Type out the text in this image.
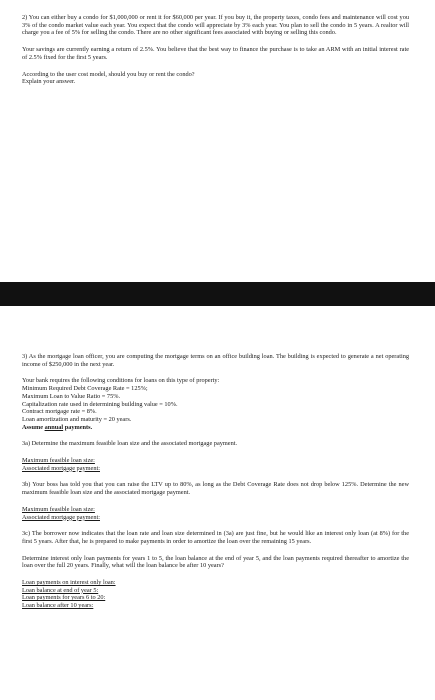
2) You can either buy a condo for $1,000,000 or rent it for $60,000 per year. If you buy it, the property taxes, condo fees and maintenance will cost you 3% of the condo market value each year. You expect that the condo will appreciate by 3% each year. You plan to sell the condo in 5 years. A realtor will charge you a fee of 5% for selling the condo. There are no other significant fees associated with buying or selling this condo.

Your savings are currently earning a return of 2.5%. You believe that the best way to finance the purchase is to take an ARM with an initial interest rate of 2.5% fixed for the first 5 years.

According to the user cost model, should you buy or rent the condo?

Explain your answer.

3) As the mortgage loan officer, you are computing the mortgage terms on an office building loan. The building is expected to generate a net operating income of $250,000 in the next year.

Your bank requires the following conditions for loans on this type of property:

Minimum Required Debt Coverage Rate = 125%;

Maximum Loan to Value Ratio = 75%.

Capitalization rate used in determining building value = 10%.

Contract mortgage rate = 8%.

Loan amortization and maturity = 20 years.

Assume annual payments.

3a) Determine the maximum feasible loan size and the associated mortgage payment.

Maximum feasible loan size:

Associated mortgage payment:

3b) Your boss has told you that you can raise the LTV up to 80%, as long as the Debt Coverage Rate does not drop below 125%. Determine the new maximum feasible loan size and the associated mortgage payment.

Maximum feasible loan size:

Associated mortgage payment:

3c) The borrower now indicates that the loan rate and loan size determined in (3a) are just fine, but he would like an interest only loan (at 8%) for the first 5 years. After that, he is prepared to make payments in order to amortize the loan over the remaining 15 years.

Determine interest only loan payments for years 1 to 5, the loan balance at the end of year 5, and the loan payments required thereafter to amortize the loan over the full 20 years. Finally, what will the loan balance be after 10 years?

Loan payments on interest only loan:

Loan balance at end of year 5:

Loan payments for years 6 to 20:

Loan balance after 10 years:
